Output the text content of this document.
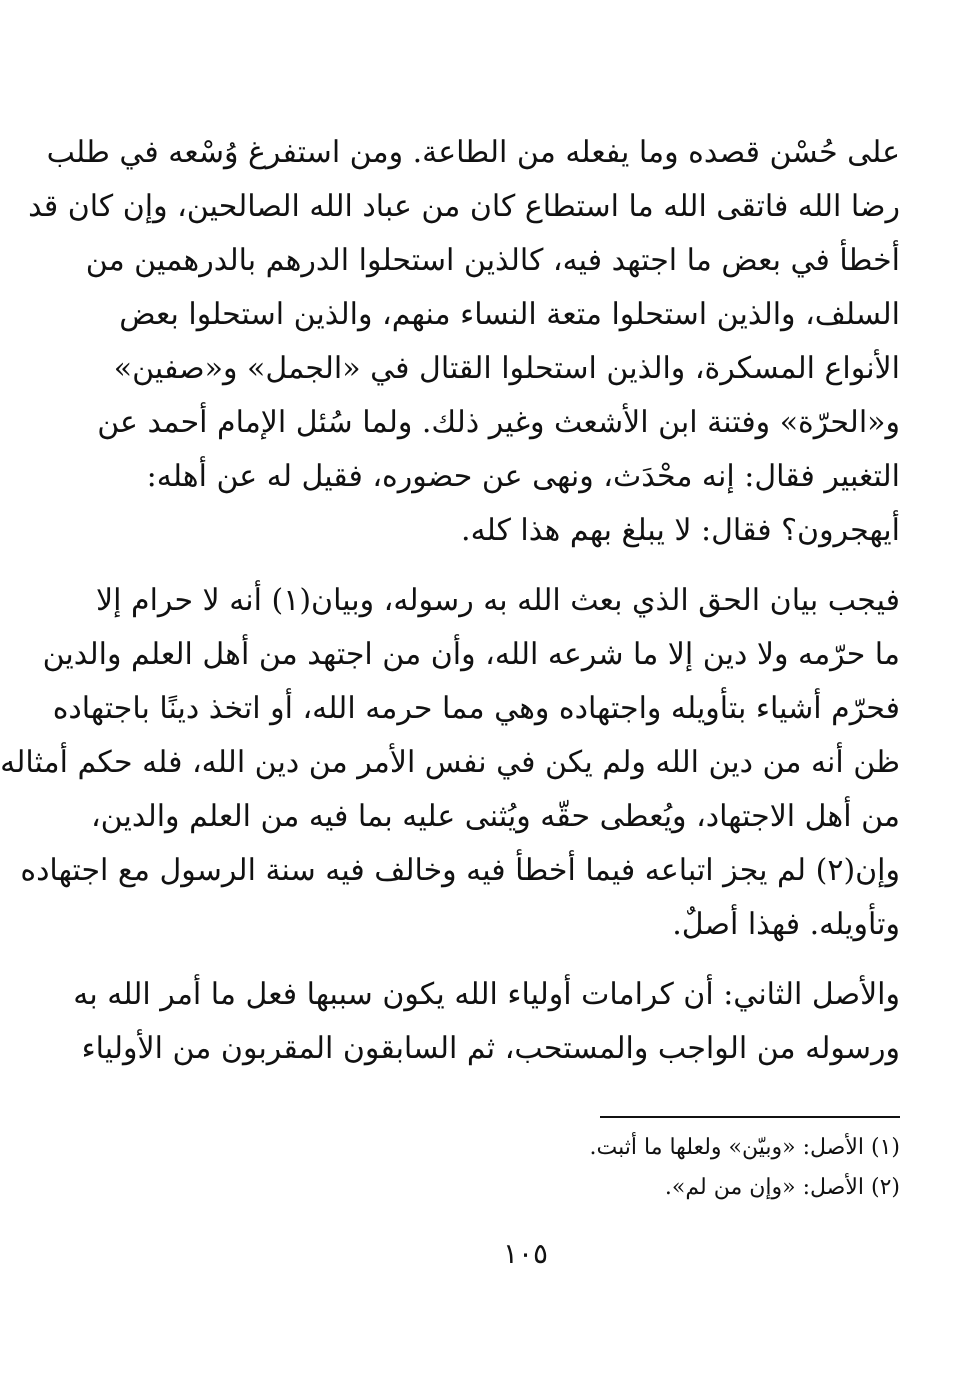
على حُسْن قصده وما يفعله من الطاعة. ومن استفرغ وُسْعه في طلب
رضا الله فاتقى الله ما استطاع كان من عباد الله الصالحين، وإن كان قد
أخطأ في بعض ما اجتهد فيه، كالذين استحلوا الدرهم بالدرهمين من
السلف، والذين استحلوا متعة النساء منهم، والذين استحلوا بعض
الأنواع المسكرة، والذين استحلوا القتال في «الجمل» و«صفين»
و«الحرّة» وفتنة ابن الأشعث وغير ذلك. ولما سُئل الإمام أحمد عن
التغبير فقال: إنه محْدَث، ونهى عن حضوره، فقيل له عن أهله:
أيهجرون؟ فقال: لا يبلغ بهم هذا كله.

فيجب بيان الحق الذي بعث الله به رسوله، وبيان(١) أنه لا حرام إلا
ما حرّمه ولا دين إلا ما شرعه الله، وأن من اجتهد من أهل العلم والدين
فحرّم أشياء بتأويله واجتهاده وهي مما حرمه الله، أو اتخذ دينًا باجتهاده
ظن أنه من دين الله ولم يكن في نفس الأمر من دين الله، فله حكم أمثاله
من أهل الاجتهاد، ويُعطى حقّه ويُثنى عليه بما فيه من العلم والدين،
وإن(٢) لم يجز اتباعه فيما أخطأ فيه وخالف فيه سنة الرسول مع اجتهاده
وتأويله. فهذا أصلٌ.

والأصل الثاني: أن كرامات أولياء الله يكون سببها فعل ما أمر الله به
ورسوله من الواجب والمستحب، ثم السابقون المقربون من الأولياء

(١) الأصل: «وبيّن» ولعلها ما أثبت.
(٢) الأصل: «وإن من لم».
١٠٥
